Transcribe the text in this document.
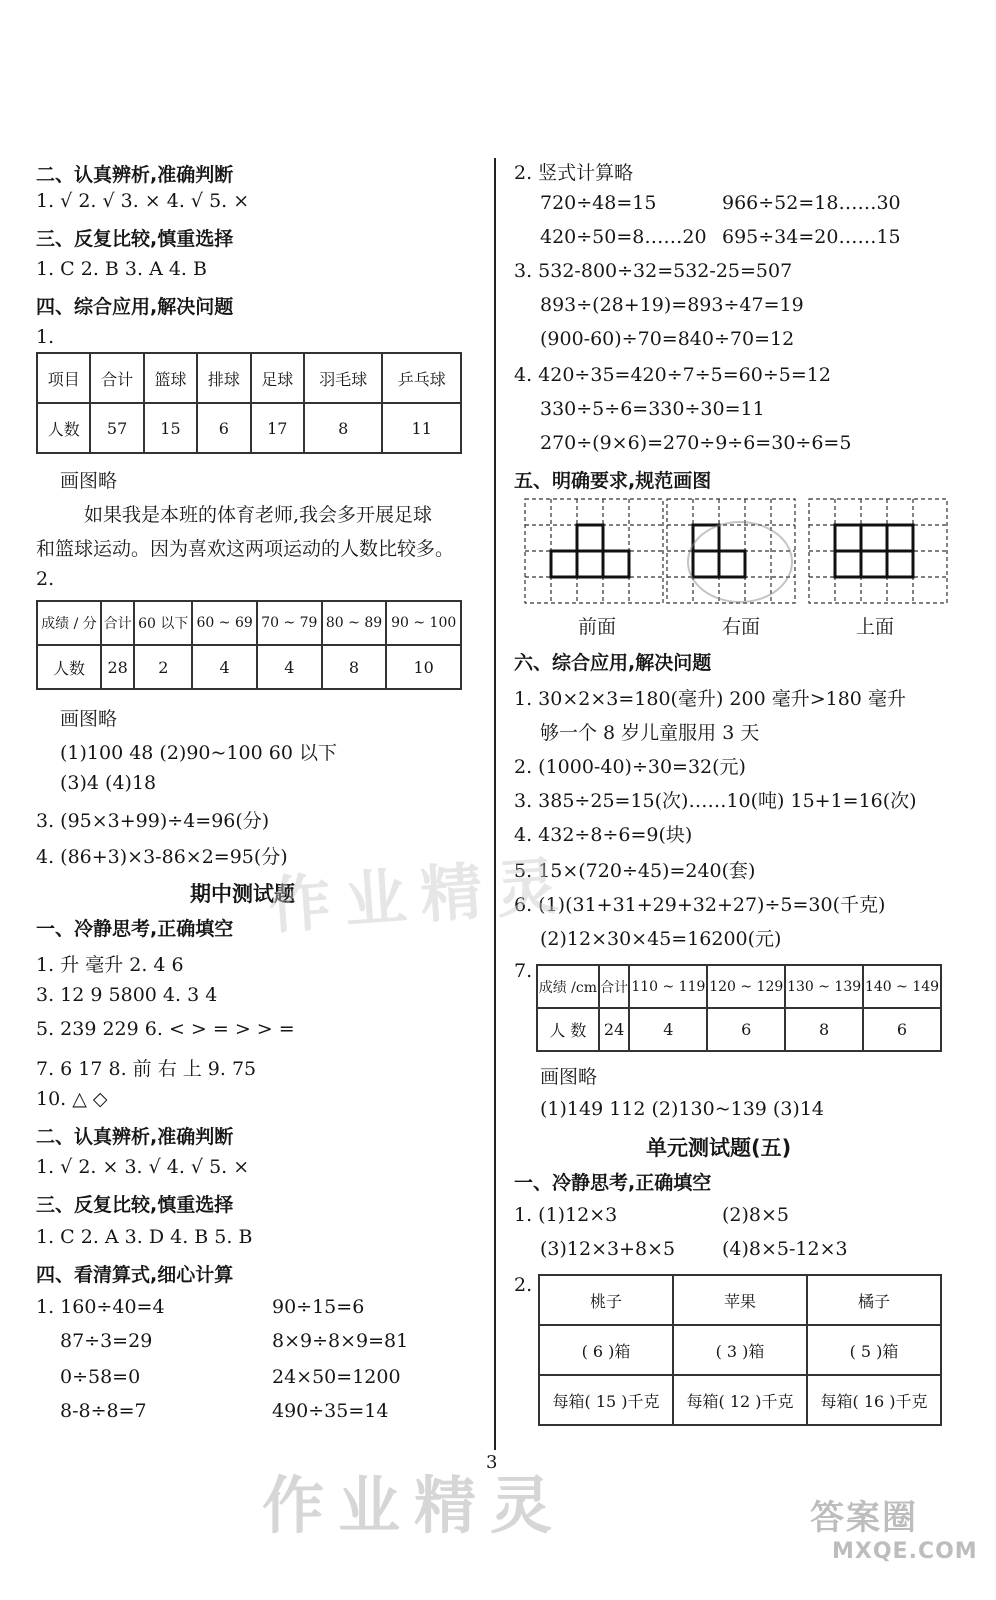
二、认真辨析,准确判断
1. √ 2. √ 3. × 4. √ 5. ×
三、反复比较,慎重选择
1. C 2. B 3. A 4. B
四、综合应用,解决问题
1.
项目	合计	篮球	排球	足球	羽毛球	乒乓球
人数	57	15	6	17	8	11
画图略
如果我是本班的体育老师,我会多开展足球
和篮球运动。因为喜欢这两项运动的人数比较多。
2.
成绩 / 分	合计	60 以下	60 ~ 69	70 ~ 79	80 ~ 89	90 ~ 100
人数	28	2	4	4	8	10
画图略
(1)100 48 (2)90~100 60 以下
(3)4 (4)18
3. (95×3+99)÷4=96(分)
4. (86+3)×3-86×2=95(分)
期中测试题
一、冷静思考,正确填空
1. 升 毫升 2. 4 6
3. 12 9 5800 4. 3 4
5. 239 229 6. < > = > > =
7. 6 17 8. 前 右 上 9. 75
10. △ ◇
二、认真辨析,准确判断
1. √ 2. × 3. √ 4. √ 5. ×
三、反复比较,慎重选择
1. C 2. A 3. D 4. B 5. B
四、看清算式,细心计算
1. 160÷40=4	90÷15=6
87÷3=29	8×9÷8×9=81
0÷58=0	24×50=1200
8-8÷8=7	490÷35=14
2. 竖式计算略
720÷48=15	966÷52=18……30
420÷50=8……20 695÷34=20……15
3. 532-800÷32=532-25=507
893÷(28+19)=893÷47=19
(900-60)÷70=840÷70=12
4. 420÷35=420÷7÷5=60÷5=12
330÷5÷6=330÷30=11
270÷(9×6)=270÷9÷6=30÷6=5
五、明确要求,规范画图
前面	右面	上面
六、综合应用,解决问题
1. 30×2×3=180(毫升) 200 毫升>180 毫升
够一个 8 岁儿童服用 3 天
2. (1000-40)÷30=32(元)
3. 385÷25=15(次)……10(吨) 15+1=16(次)
4. 432÷8÷6=9(块)
5. 15×(720÷45)=240(套)
6. (1)(31+31+29+32+27)÷5=30(千克)
(2)12×30×45=16200(元)
7.
成绩 /cm	合计	110 ~ 119	120 ~ 129	130 ~ 139	140 ~ 149
人 数	24	4	6	8	6
画图略
(1)149 112 (2)130~139 (3)14
单元测试题(五)
一、冷静思考,正确填空
1. (1)12×3	(2)8×5
(3)12×3+8×5 (4)8×5-12×3
2.
桃子	苹果	橘子
( 6 )箱	( 3 )箱	( 5 )箱
每箱( 15 )千克	每箱( 12 )千克	每箱( 16 )千克
作业精灵
作业精灵
3
答案圈
MXQE.COM
